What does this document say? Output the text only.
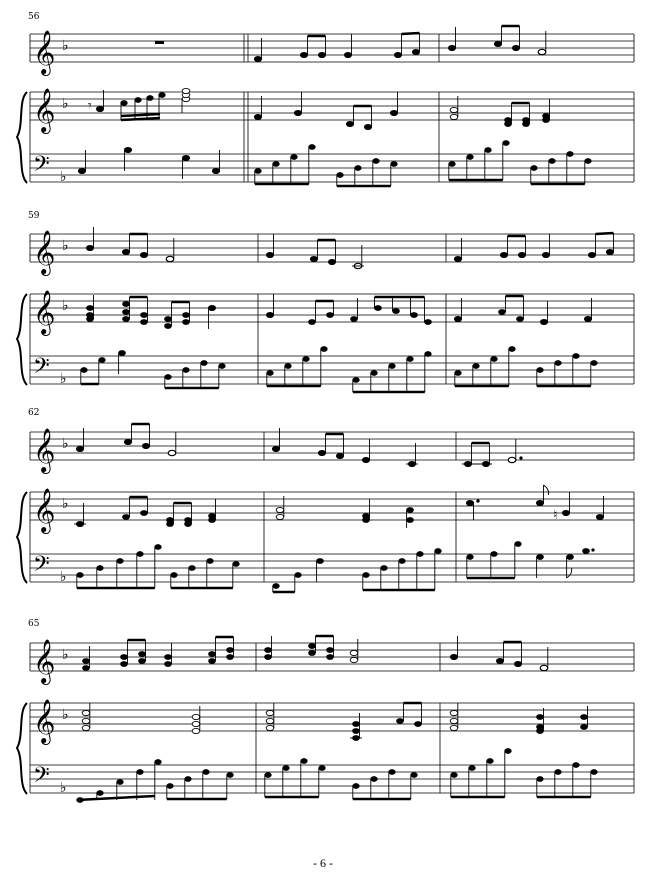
56
𝄞 ♭
𝄞 ♭ 𝄾
𝄢 ♭
59
𝄞 ♭
𝄞 ♭
𝄢 ♭
62
𝄞 ♭
𝄞 ♭
♮
𝄢 ♭
65
𝄞 ♭
𝄞 ♭
𝄢 ♭
- 6 -
